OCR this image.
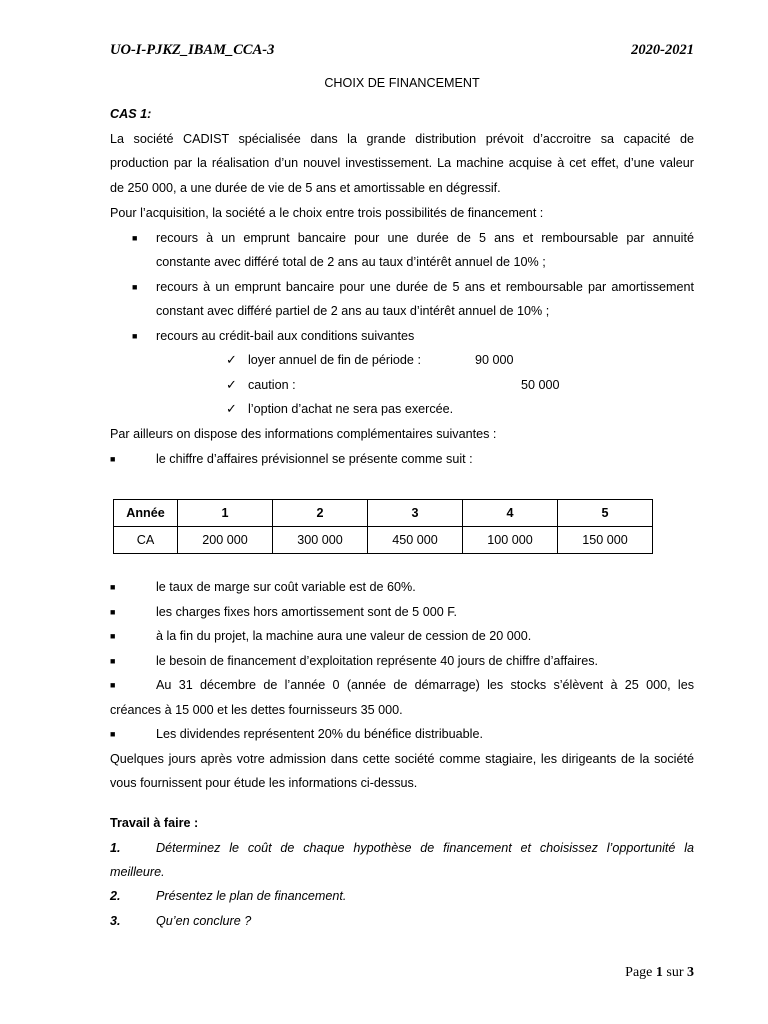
UO-I-PJKZ_IBAM_CCA-3	2020-2021
CHOIX DE FINANCEMENT
CAS 1:
La société CADIST spécialisée dans la grande distribution prévoit d’accroitre sa capacité de
production par la réalisation d’un nouvel investissement. La machine acquise à cet effet, d’une valeur
de 250 000, a une durée de vie de 5 ans et amortissable en dégressif.
Pour l’acquisition, la société a le choix entre trois possibilités de financement :
■ recours à un emprunt bancaire pour une durée de 5 ans et remboursable par annuité
constante avec différé total de 2 ans au taux d’intérêt annuel de 10% ;
■ recours à un emprunt bancaire pour une durée de 5 ans et remboursable par amortissement
constant avec différé partiel de 2 ans au taux d’intérêt annuel de 10% ;
■ recours au crédit-bail aux conditions suivantes
✓ loyer annuel de fin de période :	90 000
✓ caution :	50 000
✓ l’option d’achat ne sera pas exercée.
Par ailleurs on dispose des informations complémentaires suivantes :
■	le chiffre d’affaires prévisionnel se présente comme suit :
Année	1	2	3	4	5
CA	200 000	300 000	450 000	100 000	150 000
■	le taux de marge sur coût variable est de 60%.
■	les charges fixes hors amortissement sont de 5 000 F.
■	à la fin du projet, la machine aura une valeur de cession de 20 000.
■	le besoin de financement d’exploitation représente 40 jours de chiffre d’affaires.
■	Au 31 décembre de l’année 0 (année de démarrage) les stocks s’élèvent à 25 000, les
créances à 15 000 et les dettes fournisseurs 35 000.
■	Les dividendes représentent 20% du bénéfice distribuable.
Quelques jours après votre admission dans cette société comme stagiaire, les dirigeants de la société
vous fournissent pour étude les informations ci-dessus.
Travail à faire :
1.	Déterminez le coût de chaque hypothèse de financement et choisissez l’opportunité la
meilleure.
2.	Présentez le plan de financement.
3.	Qu’en conclure ?
Page 1 sur 3
